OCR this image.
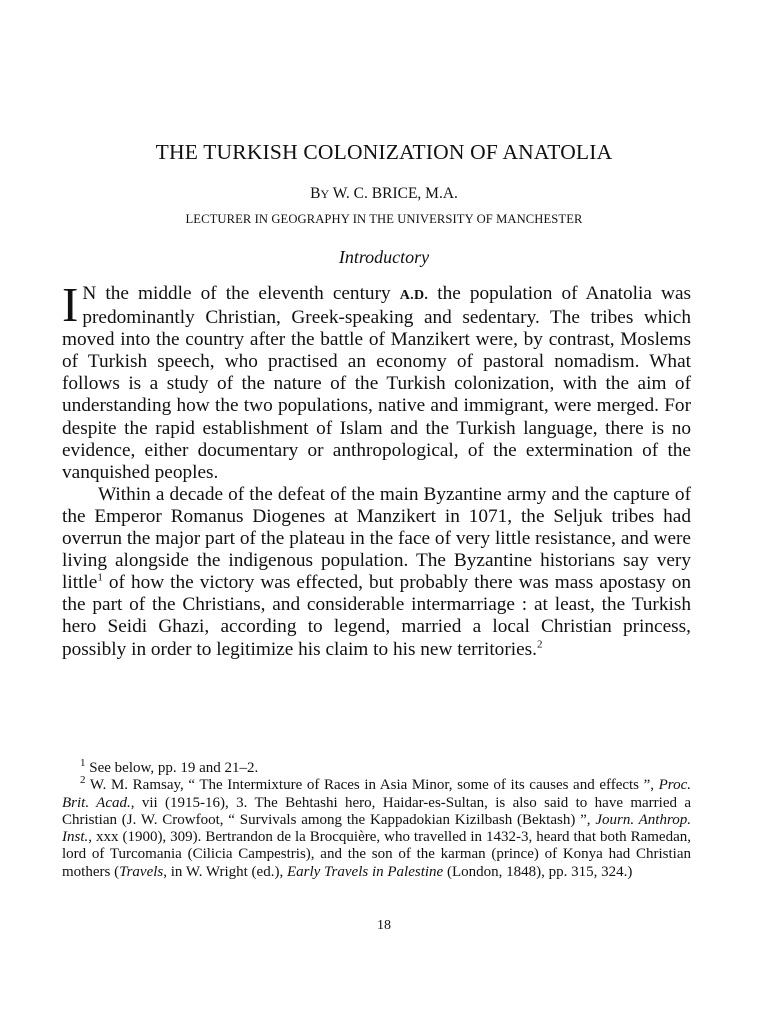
THE TURKISH COLONIZATION OF ANATOLIA
BY W. C. BRICE, M.A.
LECTURER IN GEOGRAPHY IN THE UNIVERSITY OF MANCHESTER
Introductory

I N the middle of the eleventh century A.D. the population of Anatolia was predominantly Christian, Greek-speaking and sedentary. The tribes which moved into the country after the battle of Manzikert were, by contrast, Moslems of Turkish speech, who practised an economy of pastoral nomadism. What follows is a study of the nature of the Turkish colonization, with the aim of understanding how the two populations, native and immigrant, were merged. For despite the rapid establishment of Islam and the Turkish language, there is no evidence, either documentary or anthropological, of the extermination of the vanquished peoples.

Within a decade of the defeat of the main Byzantine army and the capture of the Emperor Romanus Diogenes at Manzikert in 1071, the Seljuk tribes had overrun the major part of the plateau in the face of very little resistance, and were living alongside the indigenous population. The Byzantine historians say very little$^1$ of how the victory was effected, but probably there was mass apostasy on the part of the Christians, and considerable intermarriage : at least, the Turkish hero Seidi Ghazi, according to legend, married a local Christian princess, possibly in order to legitimize his claim to his new territories.$^2$

$^1$ See below, pp. 19 and 21–2.

$^2$ W. M. Ramsay, “ The Intermixture of Races in Asia Minor, some of its causes and effects ”, Proc. Brit. Acad., vii (1915-16), 3. The Behtashi hero, Haidar-es-Sultan, is also said to have married a Christian (J. W. Crowfoot, “ Survivals among the Kappadokian Kizilbash (Bektash) ”, Journ. Anthrop. Inst., xxx (1900), 309). Bertrandon de la Brocquière, who travelled in 1432-3, heard that both Ramedan, lord of Turcomania (Cilicia Campestris), and the son of the karman (prince) of Konya had Christian mothers (Travels, in W. Wright (ed.), Early Travels in Palestine (London, 1848), pp. 315, 324.)

18
